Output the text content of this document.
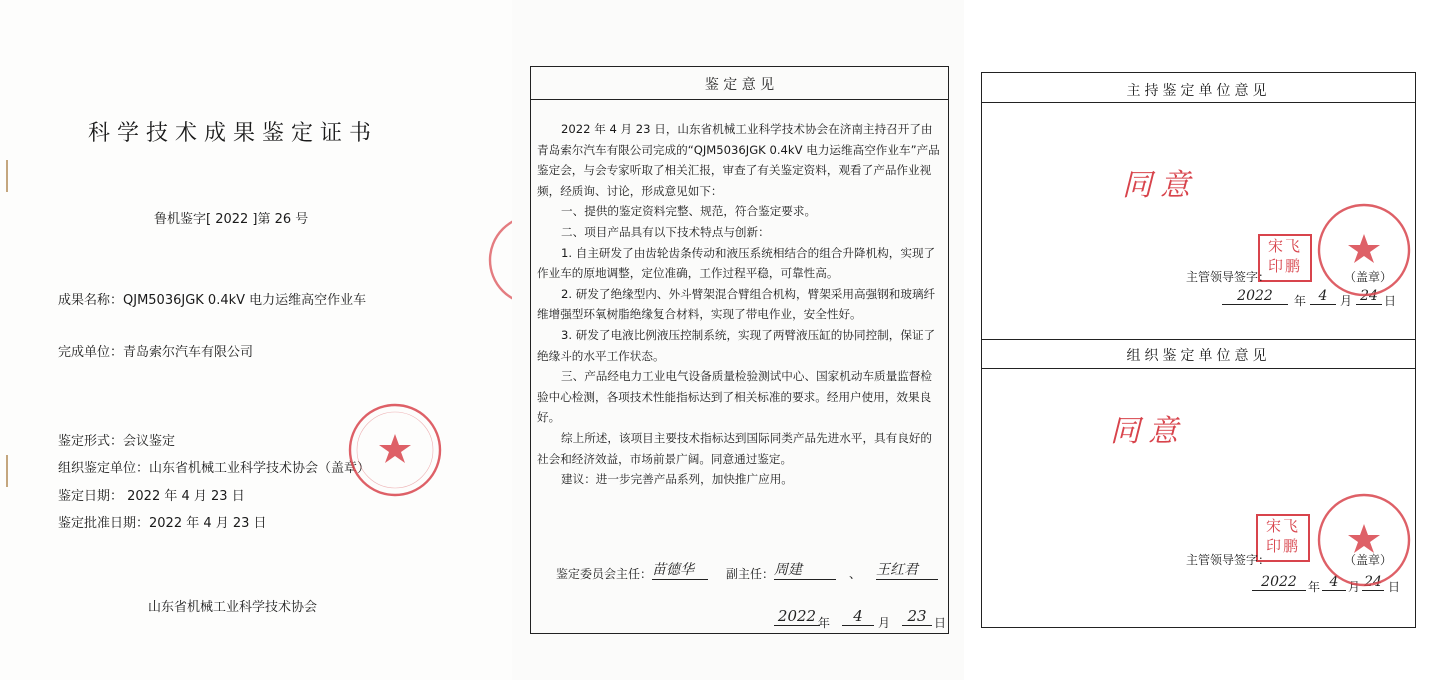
科学技术成果鉴定证书
鲁机鉴字[ 2022 ]第 26 号
成果名称：QJM5036JGK 0.4kV 电力运维高空作业车
完成单位：青岛索尔汽车有限公司
鉴定形式：会议鉴定
组织鉴定单位：山东省机械工业科学技术协会（盖章）
鉴定日期： 2022 年 4 月 23 日
鉴定批准日期：2022 年 4 月 23 日
山东省机械工业科学技术协会
鉴 定 意 见

2022 年 4 月 23 日，山东省机械工业科学技术协会在济南主持召开了由青岛索尔汽车有限公司完成的“QJM5036JGK 0.4kV 电力运维高空作业车”产品鉴定会，与会专家听取了相关汇报，审查了有关鉴定资料，观看了产品作业视频，经质询、讨论，形成意见如下：

一、提供的鉴定资料完整、规范，符合鉴定要求。

二、项目产品具有以下技术特点与创新：

1. 自主研发了由齿轮齿条传动和液压系统相结合的组合升降机构，实现了作业车的原地调整，定位准确，工作过程平稳，可靠性高。

2. 研发了绝缘型内、外斗臂架混合臂组合机构，臂架采用高强钢和玻璃纤维增强型环氧树脂绝缘复合材料，实现了带电作业，安全性好。

3. 研发了电液比例液压控制系统，实现了两臂液压缸的协同控制，保证了绝缘斗的水平工作状态。

三、产品经电力工业电气设备质量检验测试中心、国家机动车质量监督检验中心检测，各项技术性能指标达到了相关标准的要求。经用户使用，效果良好。

综上所述，该项目主要技术指标达到国际同类产品先进水平，具有良好的社会和经济效益，市场前景广阔。同意通过鉴定。

建议：进一步完善产品系列，加快推广应用。

鉴定委员会主任： 苗德华	副主任： 周建	、 王红君
2022 年	4	月	23 日
主持鉴定单位意见
同意
宋飞印鹏
主管领导签字：	（盖章）
2022	年 4	月 24 日
组织鉴定单位意见
同意
宋飞印鹏
主管领导签字：	（盖章）
2022 年 4 月 24 日
